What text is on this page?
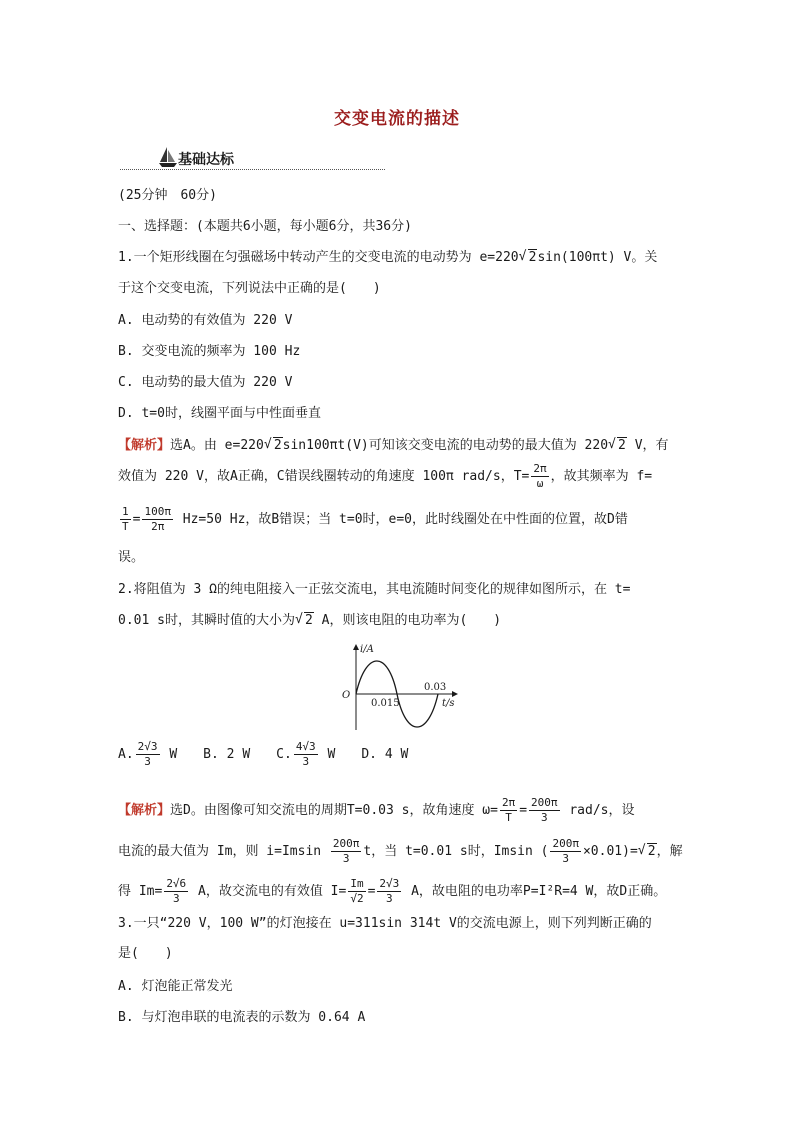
交变电流的描述
基础达标
(25分钟　60分)
一、选择题：(本题共6小题，每小题6分，共36分)
1.一个矩形线圈在匀强磁场中转动产生的交变电流的电动势为 e=220√ 2sin(100πt) V。关
于这个交变电流，下列说法中正确的是(　　)
A. 电动势的有效值为 220 V
B. 交变电流的频率为 100 Hz
C. 电动势的最大值为 220 V
D. t=0时，线圈平面与中性面垂直
【解析】选A。由 e=220√ 2sin100πt(V)可知该交变电流的电动势的最大值为 220√ 2 V，有
效值为 220 V，故A正确，C错误线圈转动的角速度 100π rad/s，$T= \frac{2\pi}{\omega}$ ，故其频率为 f=
$\frac{1}{T} = \frac{100\pi}{2\pi} Hz=50$ Hz，故B错误；当 t=0时，e=0，此时线圈处在中性面的位置，故D错
误。
2.将阻值为 3 Ω的纯电阻接入一正弦交流电，其电流随时间变化的规律如图所示，在 t=
0.01 s时，其瞬时值的大小为√ 2 A，则该电阻的电功率为(　　)
i/A
O
0.015
0.03
t/s
A. $\frac{2√3}{3}$ W　　B. 2 W　　C. $\frac{4√3}{3}$ W　　D. 4 W
【解析】选D。由图像可知交流电的周期T=0.03 s，故角速度 $\omega= \frac{2\pi}{T} = \frac{200\pi}{3} rad/s$，设
电流的最大值为 Im，则 $i=Imsin \frac{200\pi}{3}$ t，当 t=0.01 s时，Imsin ( $\frac{200\pi}{3} \times 0.01)=√$ 2，解
得 $Im= \frac{2√6}{3}$ A，故交流电的有效值 $I= \frac{Im}{√2} = \frac{2√3}{3}$ A，故电阻的电功率P=I²R=4 W，故D正确。
3.一只“220 V，100 W”的灯泡接在 u=311sin 314t V的交流电源上，则下列判断正确的
是(　　)
A. 灯泡能正常发光
B. 与灯泡串联的电流表的示数为 0.64 A
